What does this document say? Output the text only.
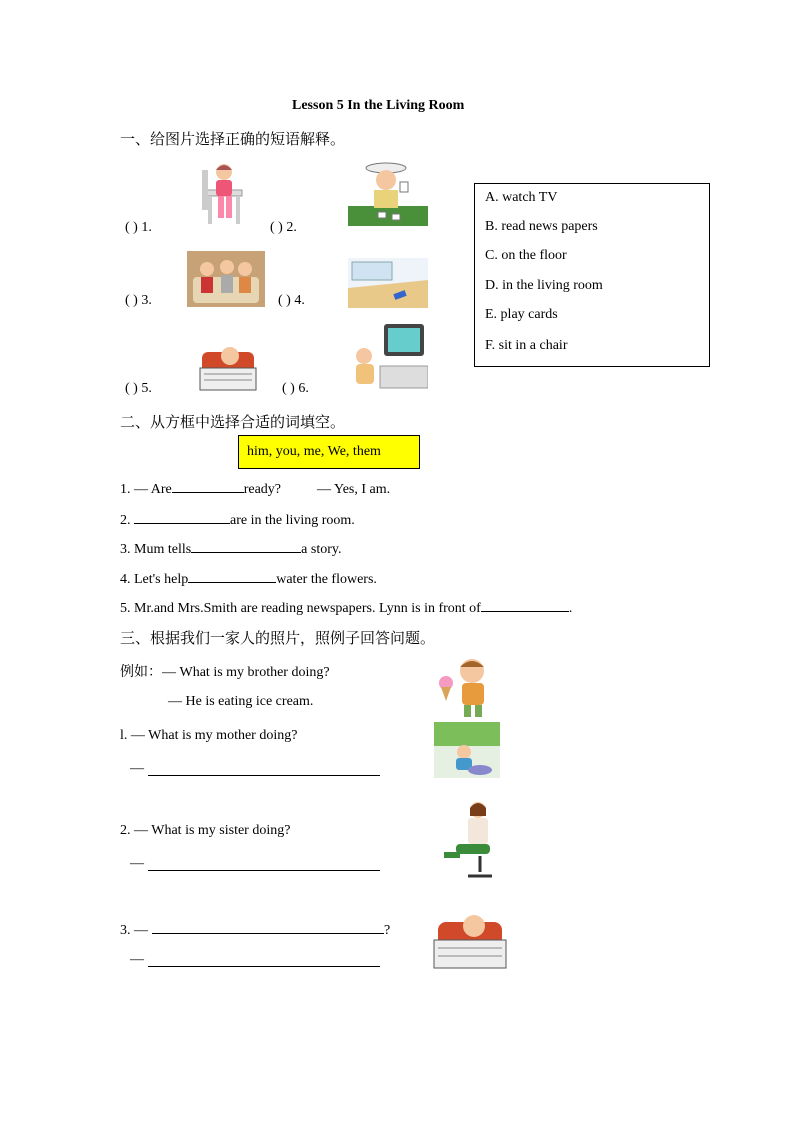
Lesson 5 In the Living Room
一、给图片选择正确的短语解释。
( ) 1.	( ) 2.
( ) 3.	( ) 4.
( ) 5.	( ) 6.
A. watch TV
B. read news papers
C. on the floor
D. in the living room
E. play cards
F. sit in a chair
二、从方框中选择合适的词填空。
him, you, me, We, them
1. — Are	ready?	— Yes, I am.
2.	are in the living room.
3. Mum tells	a story.
4. Let's help	water the flowers.
5. Mr.and Mrs.Smith are reading newspapers. Lynn is in front of	.
三、根据我们一家人的照片，照例子回答问题。
例如：— What is my brother doing?
— He is eating ice cream.
l. — What is my mother doing?
—
2. — What is my sister doing?
—
3. —	?
—
